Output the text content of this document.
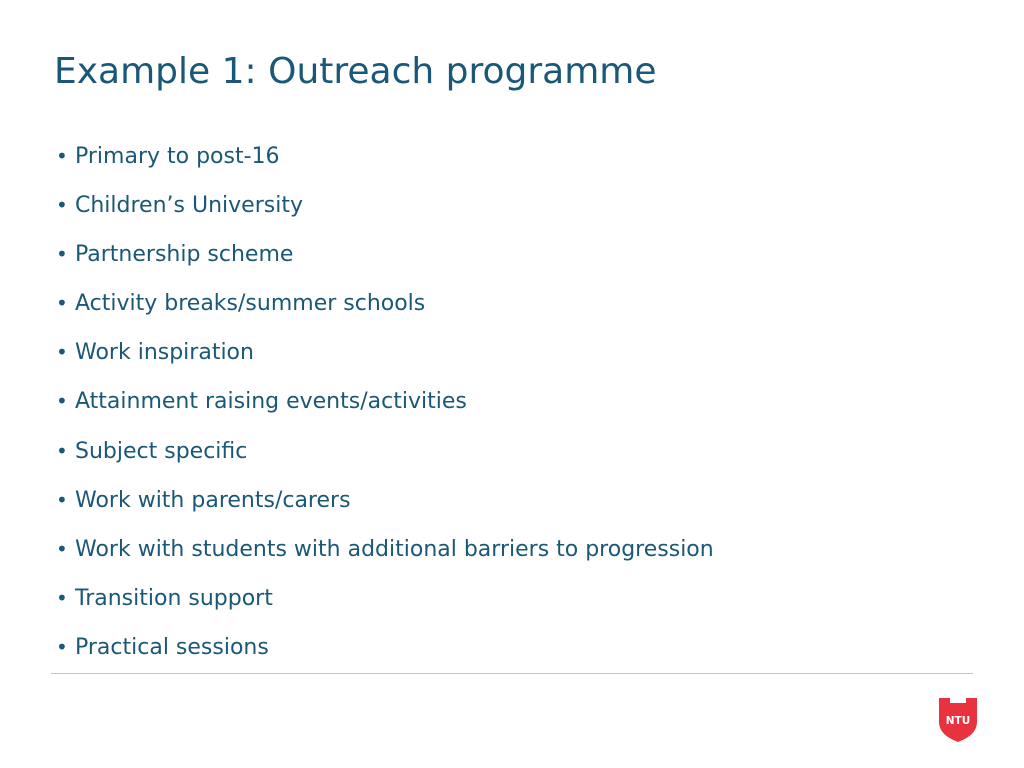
Example 1: Outreach programme
• Primary to post-16
• Children’s University
• Partnership scheme
• Activity breaks/summer schools
• Work inspiration
• Attainment raising events/activities
• Subject specific
• Work with parents/carers
• Work with students with additional barriers to progression
• Transition support
• Practical sessions
NTU
